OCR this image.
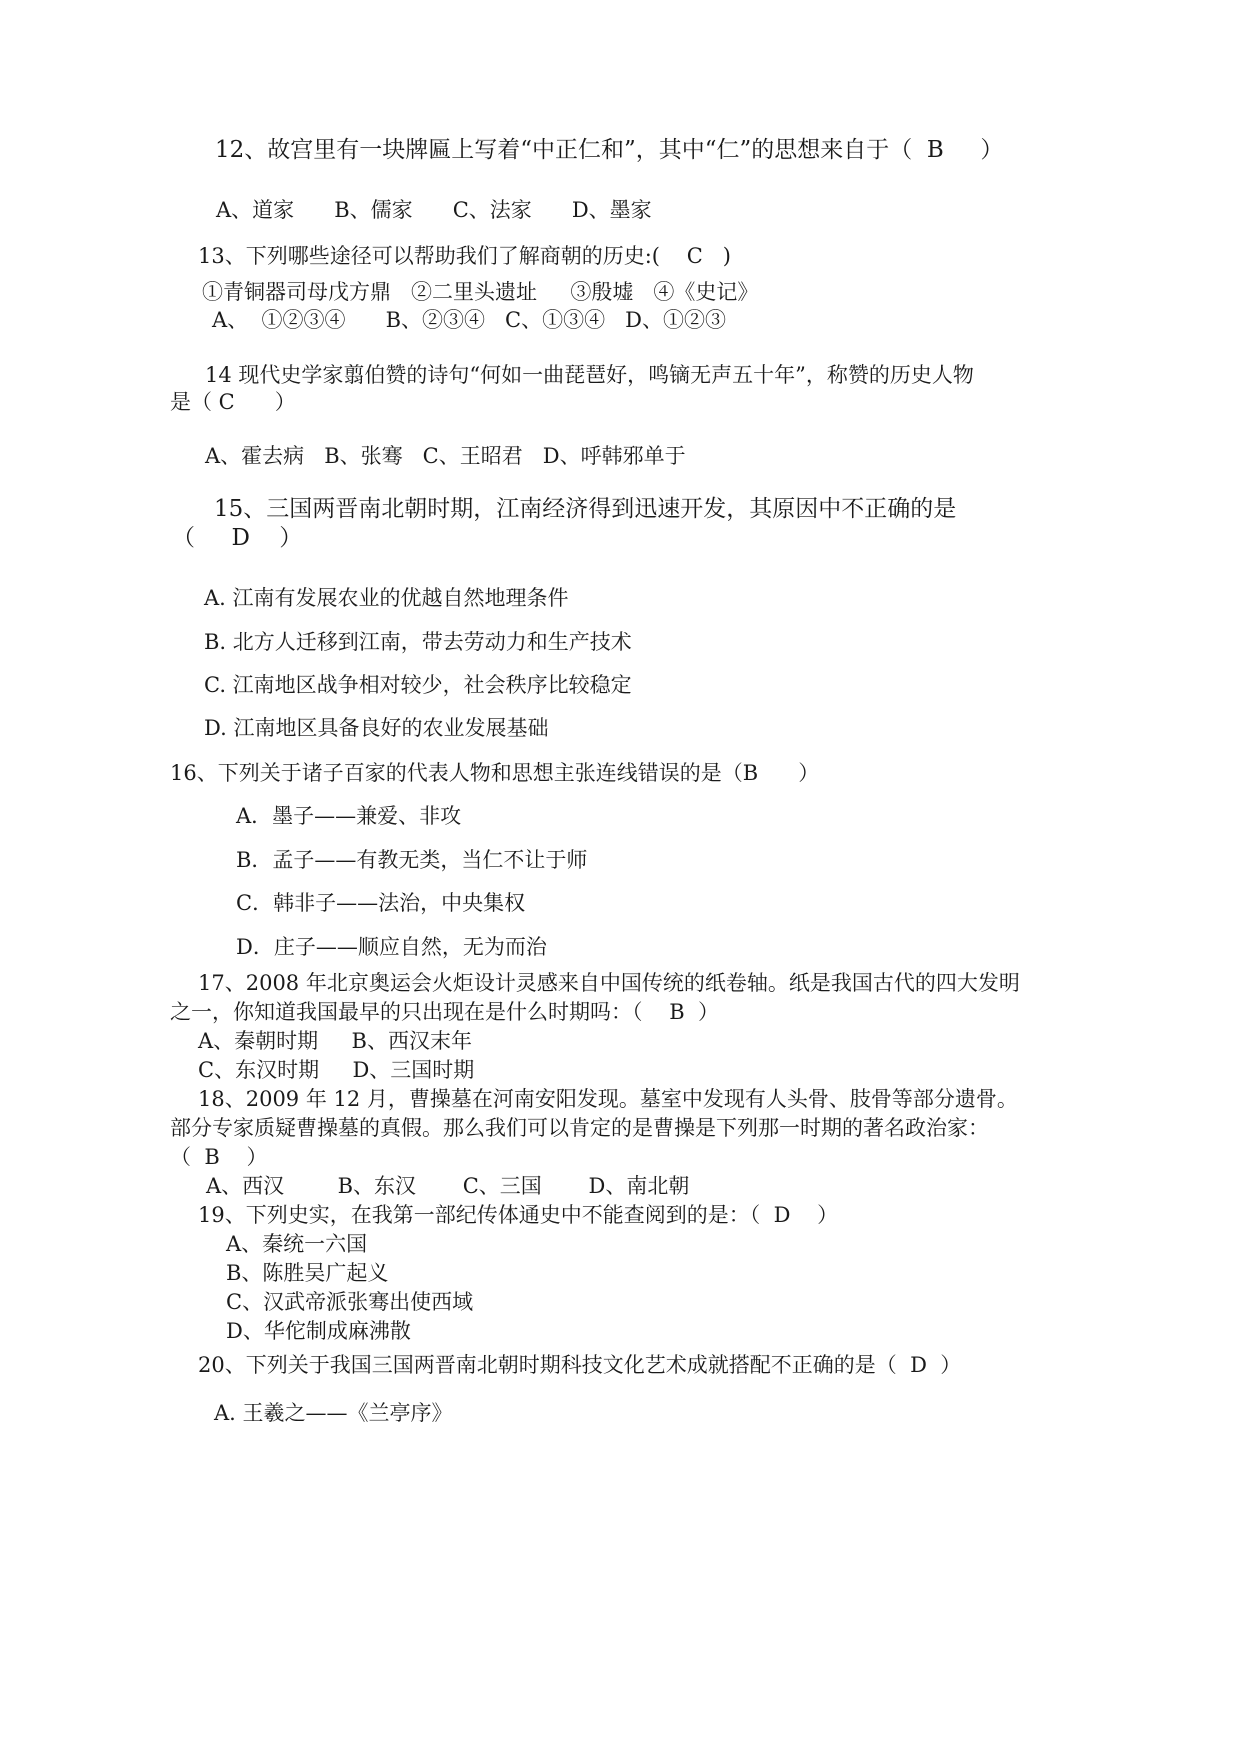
12、故宫里有一块牌匾上写着“中正仁和”，其中“仁”的思想来自于（  B     ）
A、道家      B、儒家      C、法家      D、墨家
13、下列哪些途径可以帮助我们了解商朝的历史:(    C   )
①青铜器司母戊方鼎   ②二里头遗址     ③殷墟   ④《史记》
A、  ①②③④      B、②③④   C、①③④   D、①②③
14 现代史学家翦伯赞的诗句“何如一曲琵琶好，鸣镝无声五十年”，称赞的历史人物
是（ C      ）
A、霍去病   B、张骞   C、王昭君   D、呼韩邪单于
15、三国两晋南北朝时期，江南经济得到迅速开发，其原因中不正确的是
（     D    ）
A. 江南有发展农业的优越自然地理条件
B. 北方人迁移到江南，带去劳动力和生产技术
C. 江南地区战争相对较少，社会秩序比较稳定
D. 江南地区具备良好的农业发展基础
16、下列关于诸子百家的代表人物和思想主张连线错误的是（B      ）
A．墨子——兼爱、非攻
B．孟子——有教无类，当仁不让于师
C．韩非子——法治，中央集权
D．庄子——顺应自然，无为而治
17、2008 年北京奥运会火炬设计灵感来自中国传统的纸卷轴。纸是我国古代的四大发明
之一，你知道我国最早的只出现在是什么时期吗：（    B  ）
A、秦朝时期     B、西汉末年
C、东汉时期     D、三国时期
18、2009 年 12 月，曹操墓在河南安阳发现。墓室中发现有人头骨、肢骨等部分遗骨。
部分专家质疑曹操墓的真假。那么我们可以肯定的是曹操是下列那一时期的著名政治家：
（  B    ）
A、西汉        B、东汉       C、三国       D、南北朝
19、下列史实，在我第一部纪传体通史中不能查阅到的是：（  D    ）
A、秦统一六国
B、陈胜吴广起义
C、汉武帝派张骞出使西域
D、华佗制成麻沸散
20、下列关于我国三国两晋南北朝时期科技文化艺术成就搭配不正确的是（  D  ）
A. 王羲之——《兰亭序》
